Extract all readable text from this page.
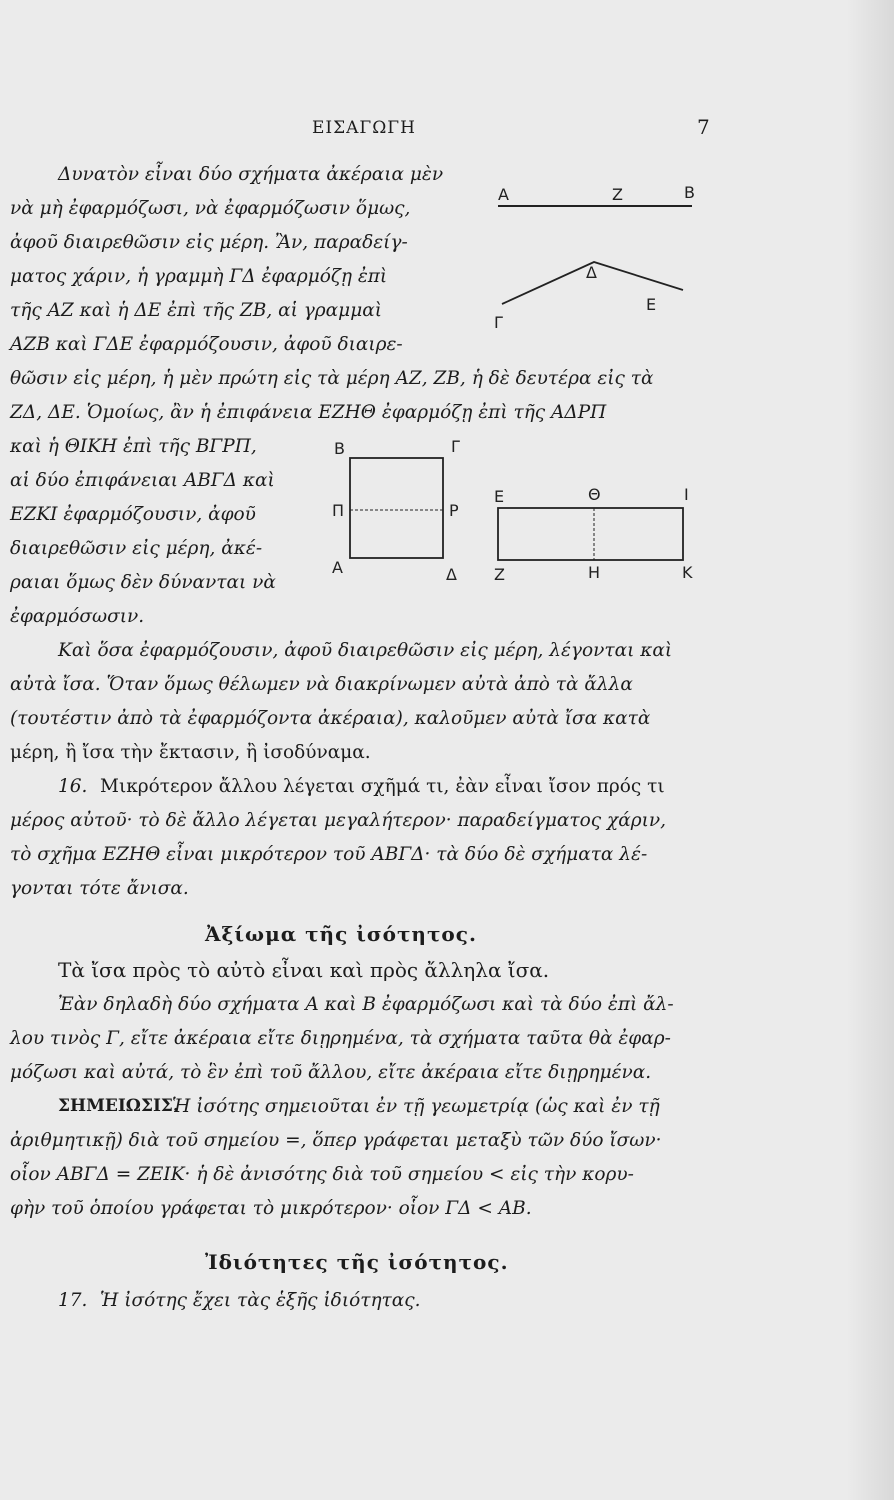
ΕΙΣΑΓΩΓΗ	7
Α	Ζ	Β
Δ
Ε
Γ
Β	Γ
Π	Ρ
Α	Δ
Ε	Θ	Ι
Ζ	Η	Κ
Δυνατὸν εἶναι δύο σχήματα ἀκέραια μὲν
νὰ μὴ ἐφαρμόζωσι, νὰ ἐφαρμόζωσιν ὅμως,
ἀφοῦ διαιρεθῶσιν εἰς μέρη. Ἂν, παραδείγ-
ματος χάριν, ἡ γραμμὴ ΓΔ ἐφαρμόζῃ ἐπὶ
τῆς ΑΖ καὶ ἡ ΔΕ ἐπὶ τῆς ΖΒ, αἱ γραμμαὶ
ΑΖΒ καὶ ΓΔΕ ἐφαρμόζουσιν, ἀφοῦ διαιρε-
θῶσιν εἰς μέρη, ἡ μὲν πρώτη εἰς τὰ μέρη ΑΖ, ΖΒ, ἡ δὲ δευτέρα εἰς τὰ
ΖΔ, ΔΕ. Ὁμοίως, ἂν ἡ ἐπιφάνεια ΕΖΗΘ ἐφαρμόζῃ ἐπὶ τῆς ΑΔΡΠ
καὶ ἡ ΘΙΚΗ ἐπὶ τῆς ΒΓΡΠ,
αἱ δύο ἐπιφάνειαι ΑΒΓΔ καὶ
ΕΖΚΙ ἐφαρμόζουσιν, ἀφοῦ
διαιρεθῶσιν εἰς μέρη, ἀκέ-
ραιαι ὅμως δὲν δύνανται νὰ
ἐφαρμόσωσιν.
Καὶ ὅσα ἐφαρμόζουσιν, ἀφοῦ διαιρεθῶσιν εἰς μέρη, λέγονται καὶ
αὐτὰ ἴσα. Ὅταν ὅμως θέλωμεν νὰ διακρίνωμεν αὐτὰ ἀπὸ τὰ ἄλλα
(τουτέστιν ἀπὸ τὰ ἐφαρμόζοντα ἀκέραια), καλοῦμεν αὐτὰ ἴσα κατὰ
μέρη, ἢ ἴσα τὴν ἔκτασιν, ἢ ἰσοδύναμα.
16. Μικρότερον ἄλλου λέγεται σχῆμά τι, ἐὰν εἶναι ἴσον πρός τι
μέρος αὐτοῦ· τὸ δὲ ἄλλο λέγεται μεγαλήτερον· παραδείγματος χάριν,
τὸ σχῆμα ΕΖΗΘ εἶναι μικρότερον τοῦ ΑΒΓΔ· τὰ δύο δὲ σχήματα λέ-
γονται τότε ἄνισα.
Ἀξίωμα τῆς ἰσότητος.
Τὰ ἴσα πρὸς τὸ αὐτὸ εἶναι καὶ πρὸς ἄλληλα ἴσα.
Ἐὰν δηλαδὴ δύο σχήματα Α καὶ Β ἐφαρμόζωσι καὶ τὰ δύο ἐπὶ ἄλ-
λου τινὸς Γ, εἴτε ἀκέραια εἴτε διῃρημένα, τὰ σχήματα ταῦτα θὰ ἐφαρ-
μόζωσι καὶ αὐτά, τὸ ἓν ἐπὶ τοῦ ἄλλου, εἴτε ἀκέραια εἴτε διῃρημένα.
ΣΗΜΕΙΩΣΙΣ.
Ἡ ἰσότης σημειοῦται ἐν τῇ γεωμετρίᾳ (ὡς καὶ ἐν τῇ
ἀριθμητικῇ) διὰ τοῦ σημείου =, ὅπερ γράφεται μεταξὺ τῶν δύο ἴσων·
οἷον ΑΒΓΔ = ΖΕΙΚ· ἡ δὲ ἀνισότης διὰ τοῦ σημείου < εἰς τὴν κορυ-
φὴν τοῦ ὁποίου γράφεται τὸ μικρότερον· οἷον ΓΔ < ΑΒ.
Ἰδιότητες τῆς ἰσότητος.
17. Ἡ ἰσότης ἔχει τὰς ἑξῆς ἰδιότητας.
